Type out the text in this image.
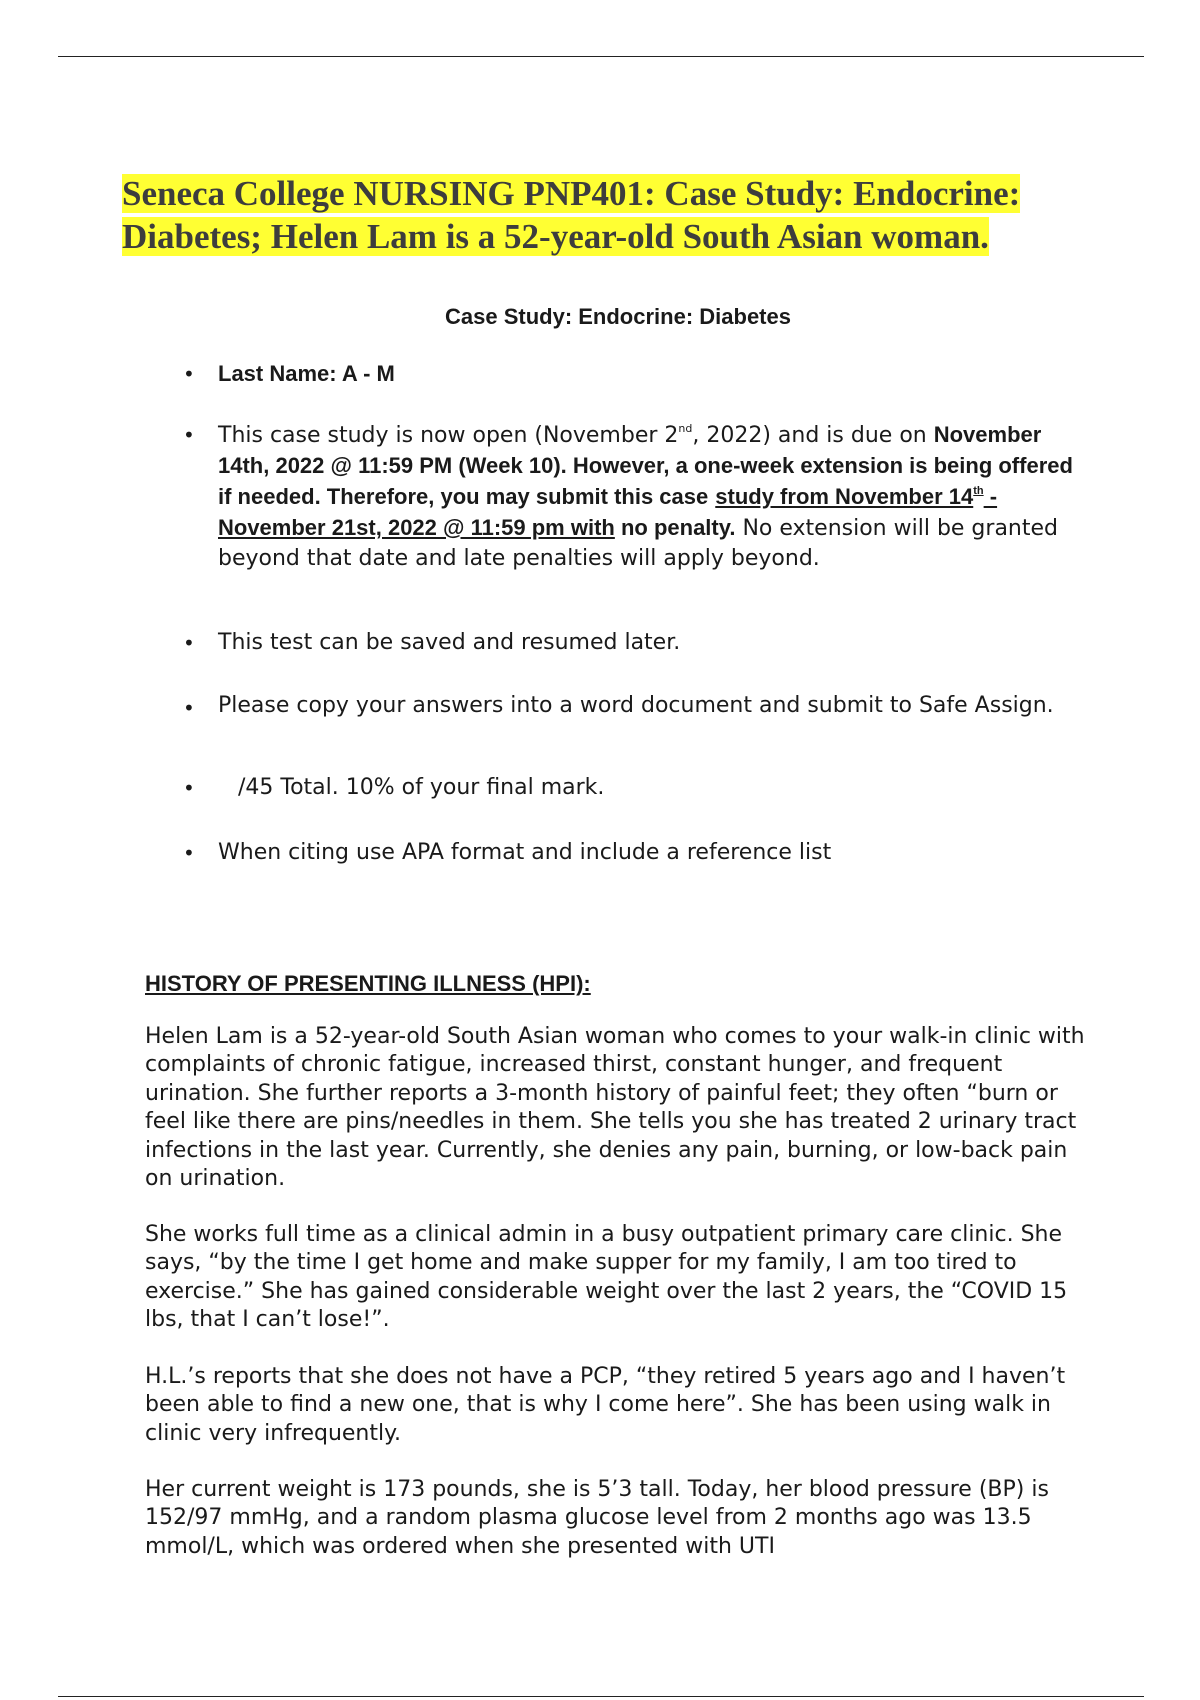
Seneca College NURSING PNP401: Case Study: Endocrine:
Diabetes; Helen Lam is a 52-year-old South Asian woman.
Case Study: Endocrine: Diabetes
• Last Name: A - M
• This case study is now open (November 2nd, 2022) and is due on November 14th, 2022 @ 11:59 PM (Week 10). However, a one-week extension is being offered if needed. Therefore, you may submit this case study from November 14th - November 21st, 2022 @ 11:59 pm with no penalty. No extension will be granted beyond that date and late penalties will apply beyond.
• This test can be saved and resumed later.
• Please copy your answers into a word document and submit to Safe Assign.
• /45 Total. 10% of your final mark.
• When citing use APA format and include a reference list
HISTORY OF PRESENTING ILLNESS (HPI):

Helen Lam is a 52-year-old South Asian woman who comes to your walk-in clinic with complaints of chronic fatigue, increased thirst, constant hunger, and frequent urination. She further reports a 3-month history of painful feet; they often “burn or feel like there are pins/needles in them. She tells you she has treated 2 urinary tract infections in the last year. Currently, she denies any pain, burning, or low-back pain on urination.

She works full time as a clinical admin in a busy outpatient primary care clinic. She says, “by the time I get home and make supper for my family, I am too tired to exercise.” She has gained considerable weight over the last 2 years, the “COVID 15 lbs, that I can’t lose!”.

H.L.’s reports that she does not have a PCP, “they retired 5 years ago and I haven’t been able to find a new one, that is why I come here”. She has been using walk in clinic very infrequently.

Her current weight is 173 pounds, she is 5’3 tall. Today, her blood pressure (BP) is 152/97 mmHg, and a random plasma glucose level from 2 months ago was 13.5 mmol/L, which was ordered when she presented with UTI
